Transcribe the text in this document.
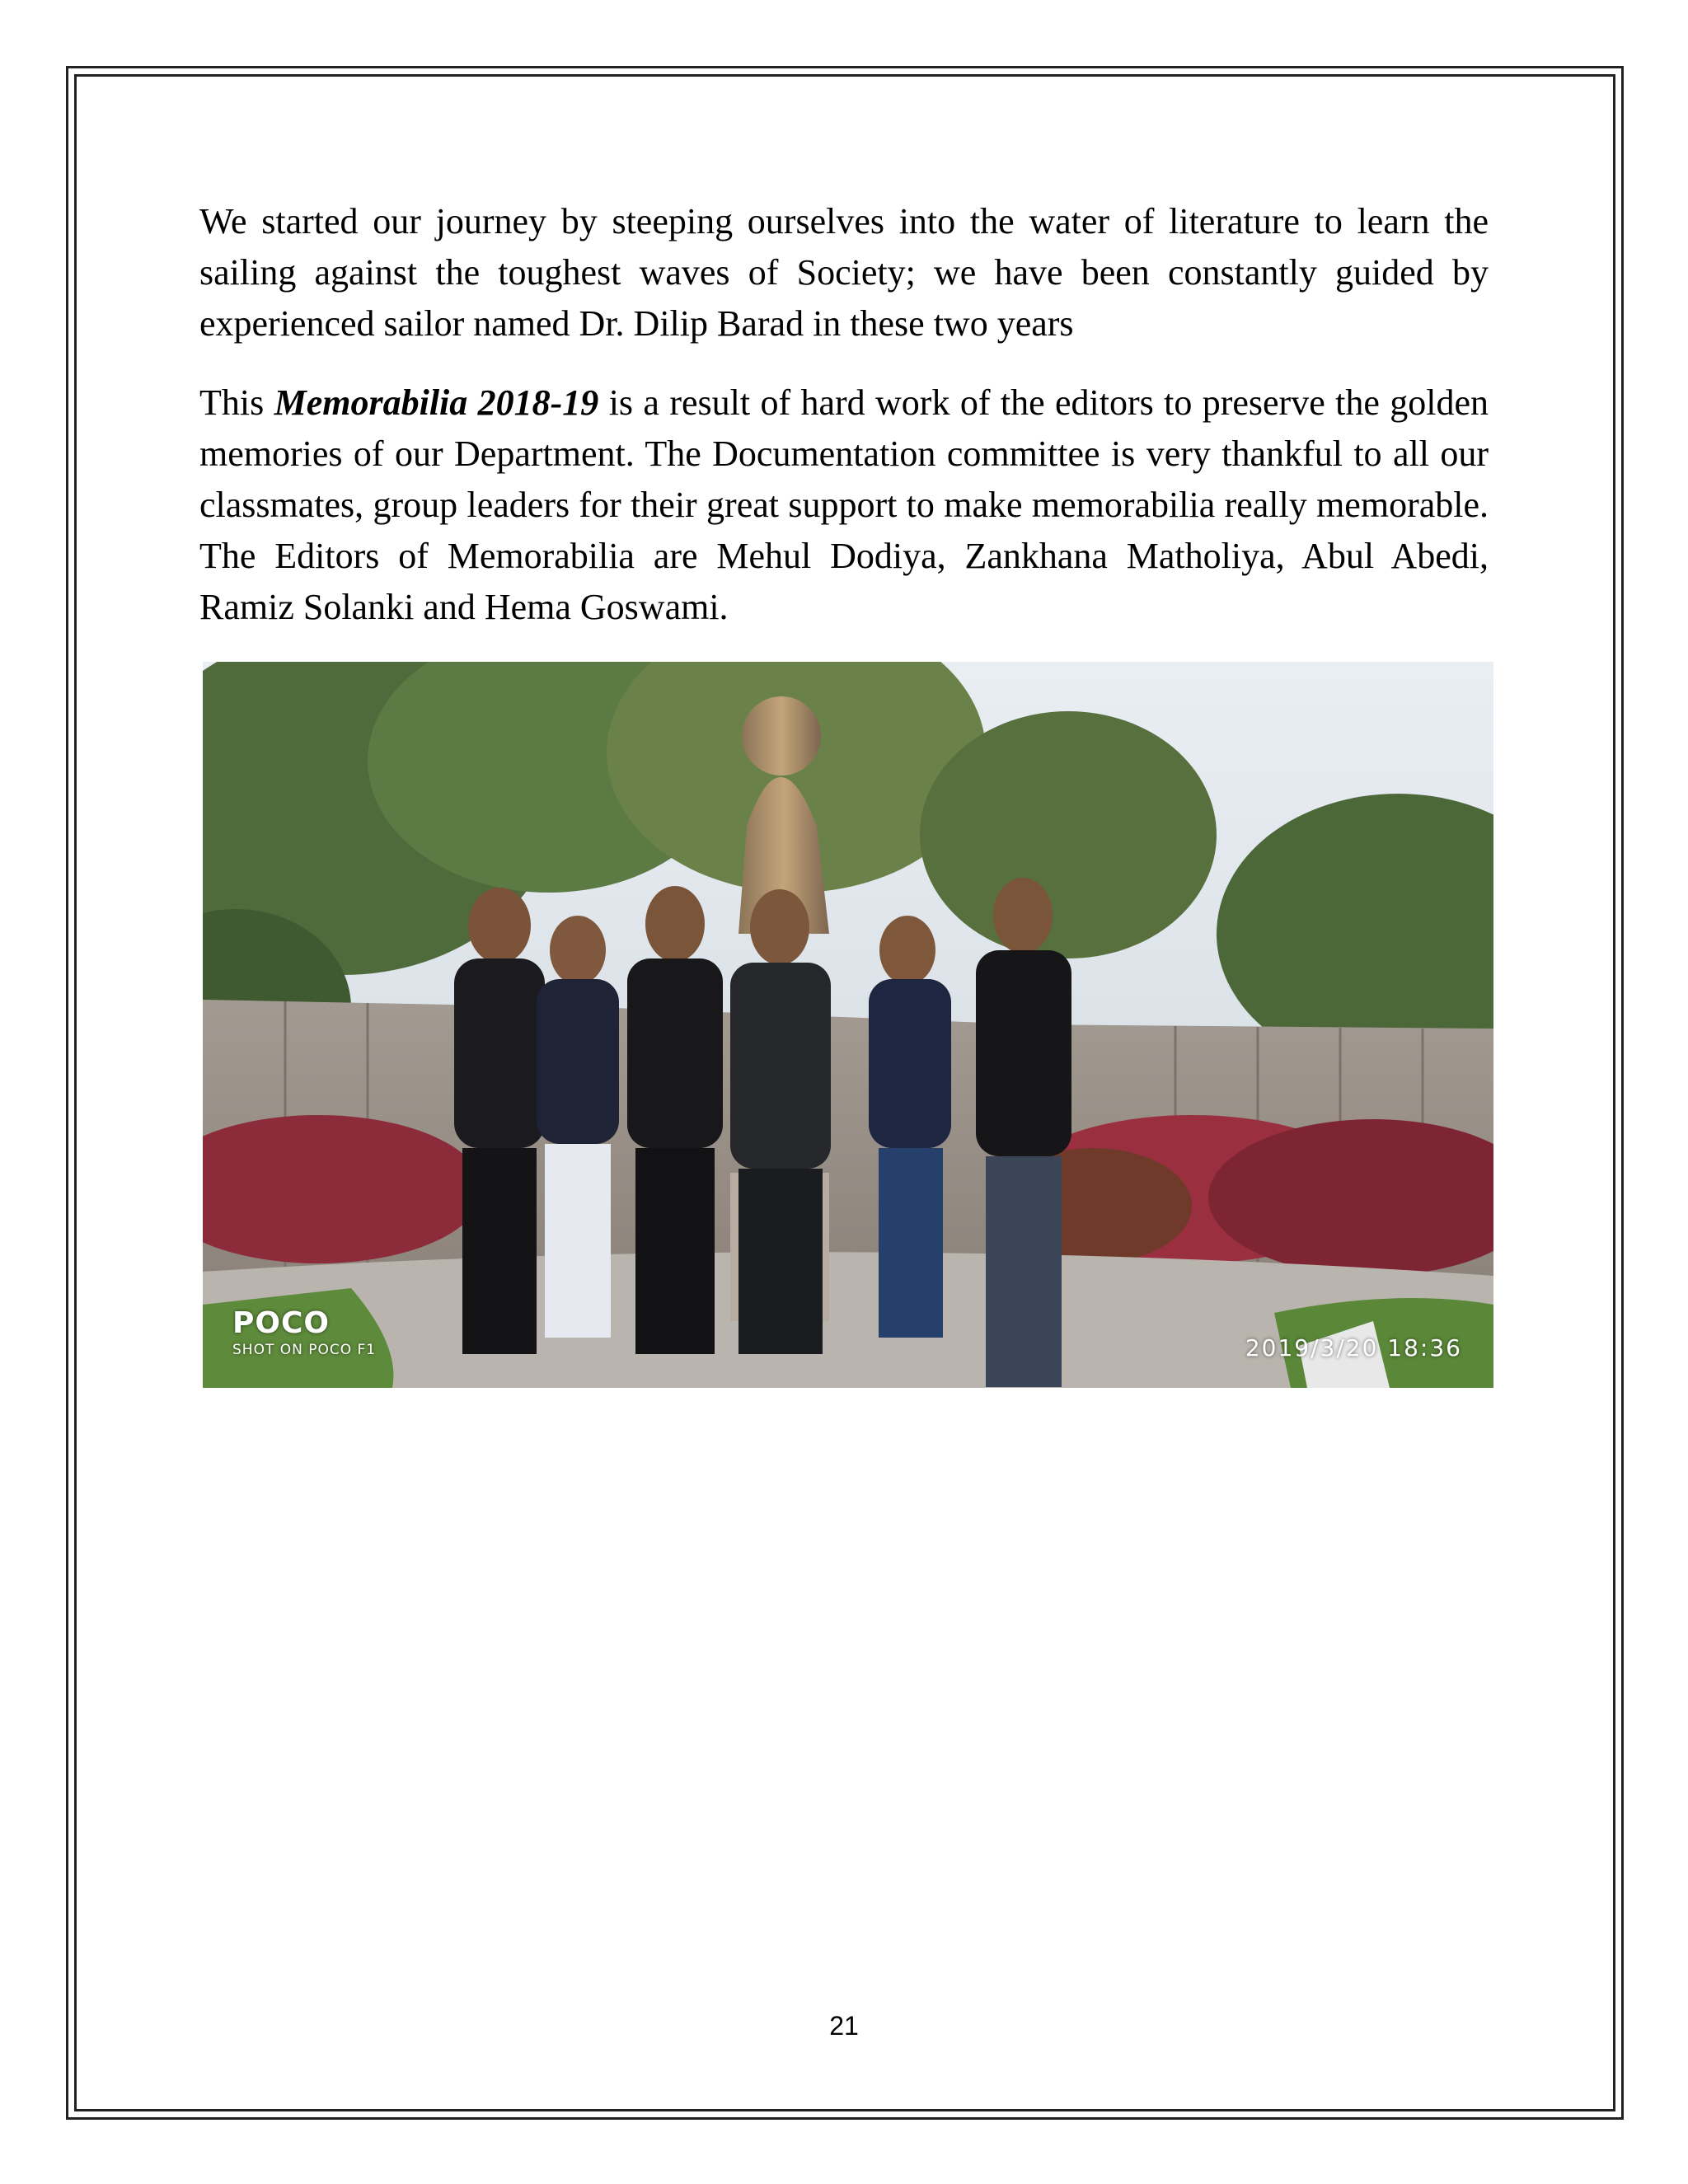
We started our journey by steeping ourselves into the water of literature to learn the sailing against the toughest waves of Society; we have been constantly guided by experienced sailor named Dr. Dilip Barad in these two years

This Memorabilia 2018-19 is a result of hard work of the editors to preserve the golden memories of our Department. The Documentation committee is very thankful to all our classmates, group leaders for their great support to make memorabilia really memorable. The Editors of Memorabilia are Mehul Dodiya, Zankhana Matholiya, Abul Abedi, Ramiz Solanki and Hema Goswami.

POCO
SHOT ON POCO F1	2019/3/20 18:36
21
